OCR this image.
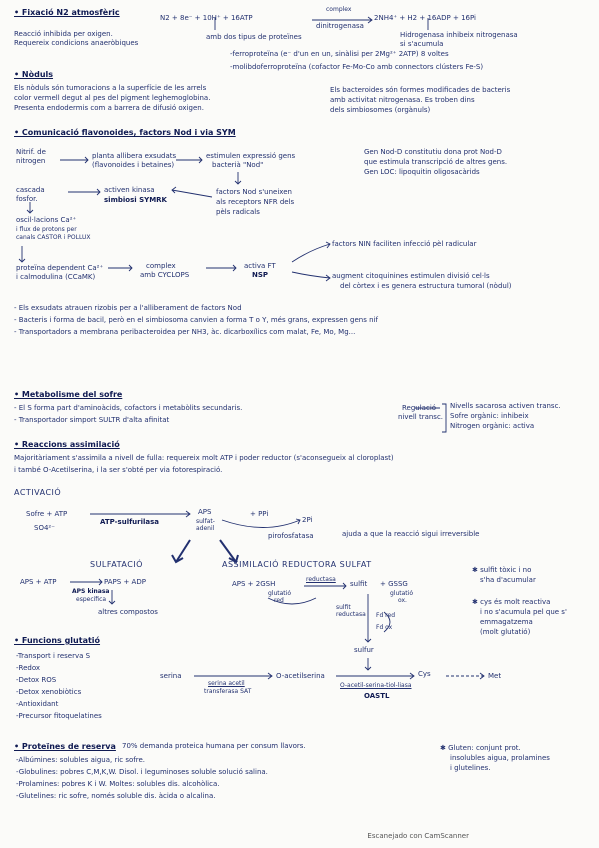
• Fixació N2 atmosfèric
N2 + 8e⁻ + 10H⁺ + 16ATP
complex
dinitrogenasa
2NH4⁺ + H2 + 16ADP + 16Pi
Reacció inhibida per oxigen.
Requereix condicions anaeròbiques
amb dos tipus de proteïnes
-ferroproteïna (e⁻ d'un en un, sinàlisi per 2Mg²⁺ 2ATP) 8 voltes
-molibdoferroproteïna (cofactor Fe-Mo-Co amb connectors clústers Fe-S)
Hidrogenasa inhibeix nitrogenasa
si s'acumula
• Nòduls
Els nòduls són tumoracions a la superfície de les arrels
color vermell degut al pes del pigment leghemoglobina.
Presenta endodermis com a barrera de difusió oxigen.
Els bacteroides són formes modificades de bacteris
amb activitat nitrogenasa. Es troben dins
dels simbiosomes (orgànuls)
• Comunicació flavonoides, factors Nod i via SYM
Nitrif. de
nitrogen
planta allibera exsudats
(flavonoides i betaines)
estimulen expressió gens
bacterià "Nod"
factors Nod s'uneixen
als receptors NFR dels
pèls radicals
cascada
fosfor.
activen kinasa
simbiosi SYMRK
oscil·lacions Ca²⁺
i flux de protons per
canals CASTOR i POLLUX
proteïna dependent Ca²⁺
i calmodulina (CCaMK)
complex
amb CYCLOPS
activa FT
NSP
factors NIN faciliten infecció pèl radicular
augment citoquinines estimulen divisió cel·ls
del còrtex i es genera estructura tumoral (nòdul)
Gen Nod-D constitutiu dona prot Nod-D
que estimula transcripció de altres gens.
Gen LOC: lipoquitin oligosacàrids
- Els exsudats atrauen rizobis per a l'alliberament de factors Nod
- Bacteris i forma de bacil, però en el simbiosoma canvien a forma T o Y, més grans, expressen gens nif
- Transportadors a membrana peribacteroidea per NH3, àc. dicarboxílics com malat, Fe, Mo, Mg...
• Metabolisme del sofre
- El S forma part d'aminoàcids, cofactors i metabòlits secundaris.
- Transportador simport SULTR d'alta afinitat
Regulació
nivell transc.
Nivells sacarosa activen transc.
Sofre orgànic: inhibeix
Nitrogen orgànic: activa
• Reaccions assimilació
Majoritàriament s'assimila a nivell de fulla: requereix molt ATP i poder reductor (s'aconsegueix al cloroplast)
i també O-Acetilserina, i la ser s'obté per via fotorespiració.
ACTIVACIÓ
Sofre + ATP
SO4²⁻
ATP-sulfurilasa
APS
sulfat-adenil
+ PPi
2Pi
pirofosfatasa	ajuda a que la reacció sigui irreversible
SULFATACIÓ
APS + ATP
APS kinasa
específica
PAPS + ADP
altres compostos
ASSIMILACIÓ REDUCTORA SULFAT
APS + 2GSH
reductasa
sulfit + GSSG
glutatió
red
glutatió
ox.
sulfit reductasa	Fd red
Fd ox
sulfur
serina
serina acetil
transferasa SAT
O-acetilserina	Cys	Met
O-acetil-serina-tiol-liasa
OASTL
✱ sulfit tòxic i no
s'ha d'acumular
✱ cys és molt reactiva
i no s'acumula pel que s'
emmagatzema
(molt glutatió)
• Funcions glutatió
-Transport i reserva S
-Redox
-Detox ROS
-Detox xenobiòtics
-Antioxidant
-Precursor fitoquelatines
• Proteïnes de reserva 70% demanda proteica humana per consum llavors.
-Albúmines: solubles aigua, ric sofre.
-Globulines: pobres C,M,K,W. Disol. i leguminoses soluble solució salina.
-Prolamines: pobres K i W. Moltes: solubles dis. alcohòlica.
-Glutelines: ric sofre, només soluble dis. àcida o alcalina.
✱ Gluten: conjunt prot.
insolubles aigua, prolamines
i glutelines.
Escanejado con CamScanner
